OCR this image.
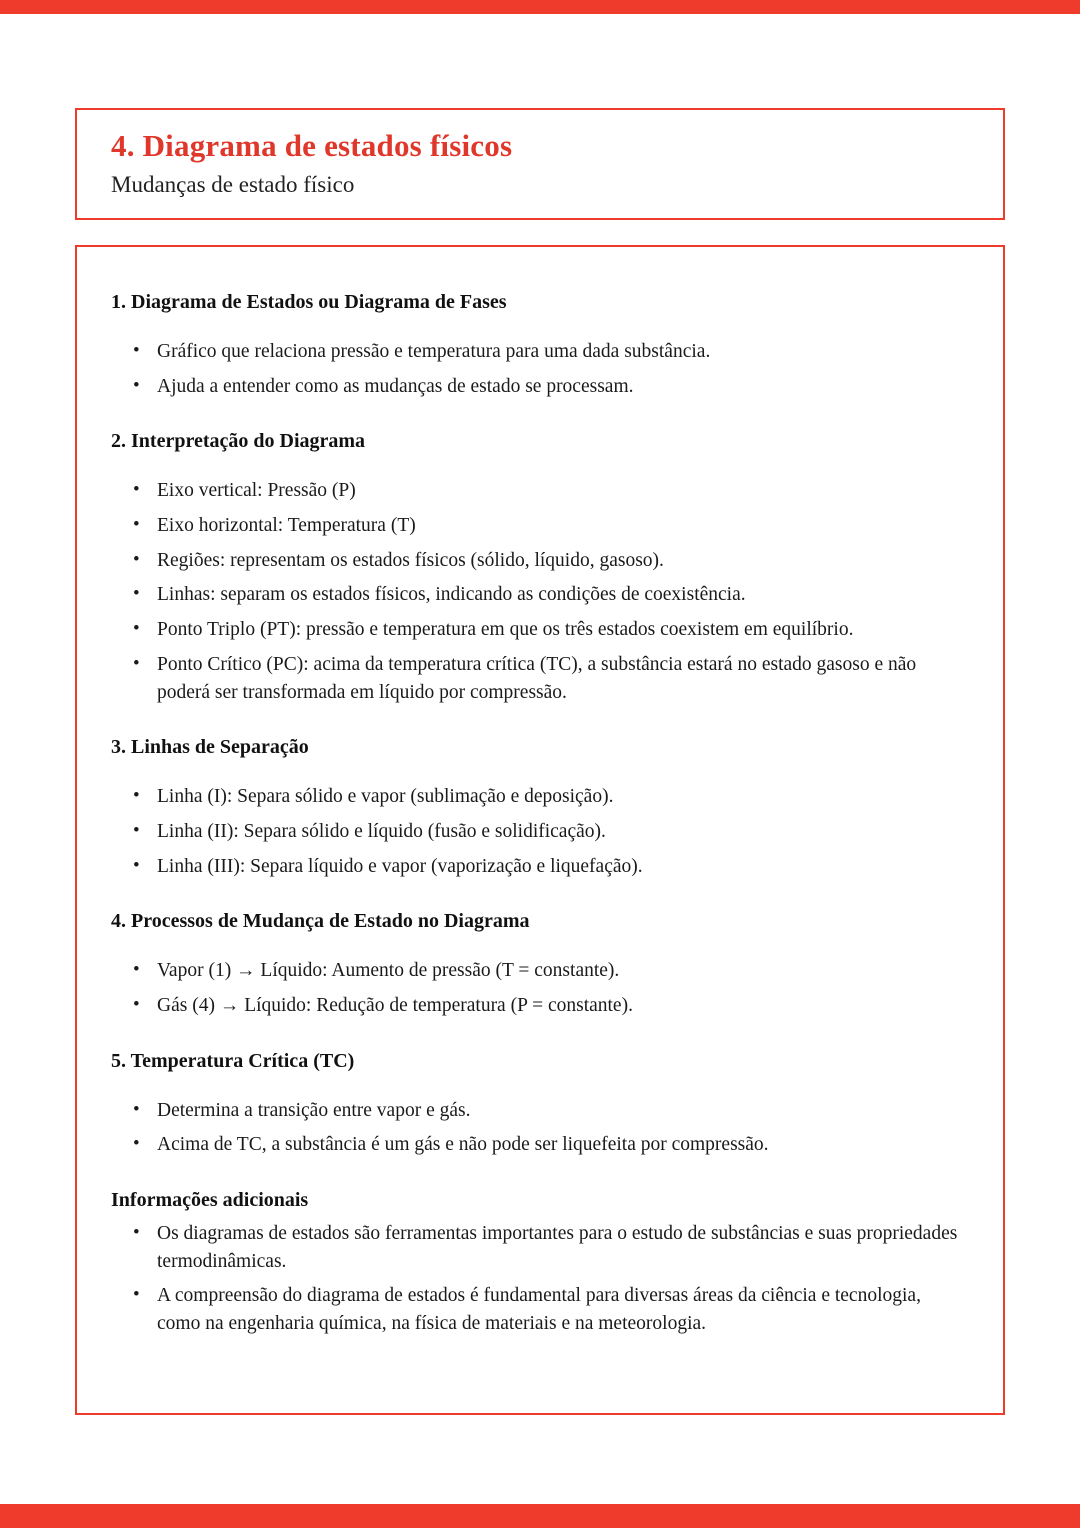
4. Diagrama de estados físicos
Mudanças de estado físico
1. Diagrama de Estados ou Diagrama de Fases
• Gráfico que relaciona pressão e temperatura para uma dada substância.
• Ajuda a entender como as mudanças de estado se processam.
2. Interpretação do Diagrama
• Eixo vertical: Pressão (P)
• Eixo horizontal: Temperatura (T)
• Regiões: representam os estados físicos (sólido, líquido, gasoso).
• Linhas: separam os estados físicos, indicando as condições de coexistência.
• Ponto Triplo (PT): pressão e temperatura em que os três estados coexistem em equilíbrio.
• Ponto Crítico (PC): acima da temperatura crítica (TC), a substância estará no estado gasoso e não poderá ser transformada em líquido por compressão.
3. Linhas de Separação
• Linha (I): Separa sólido e vapor (sublimação e deposição).
• Linha (II): Separa sólido e líquido (fusão e solidificação).
• Linha (III): Separa líquido e vapor (vaporização e liquefação).
4. Processos de Mudança de Estado no Diagrama
• Vapor (1) → Líquido: Aumento de pressão (T = constante).
• Gás (4) → Líquido: Redução de temperatura (P = constante).
5. Temperatura Crítica (TC)
• Determina a transição entre vapor e gás.
• Acima de TC, a substância é um gás e não pode ser liquefeita por compressão.
Informações adicionais
• Os diagramas de estados são ferramentas importantes para o estudo de substâncias e suas propriedades termodinâmicas.
• A compreensão do diagrama de estados é fundamental para diversas áreas da ciência e tecnologia, como na engenharia química, na física de materiais e na meteorologia.
